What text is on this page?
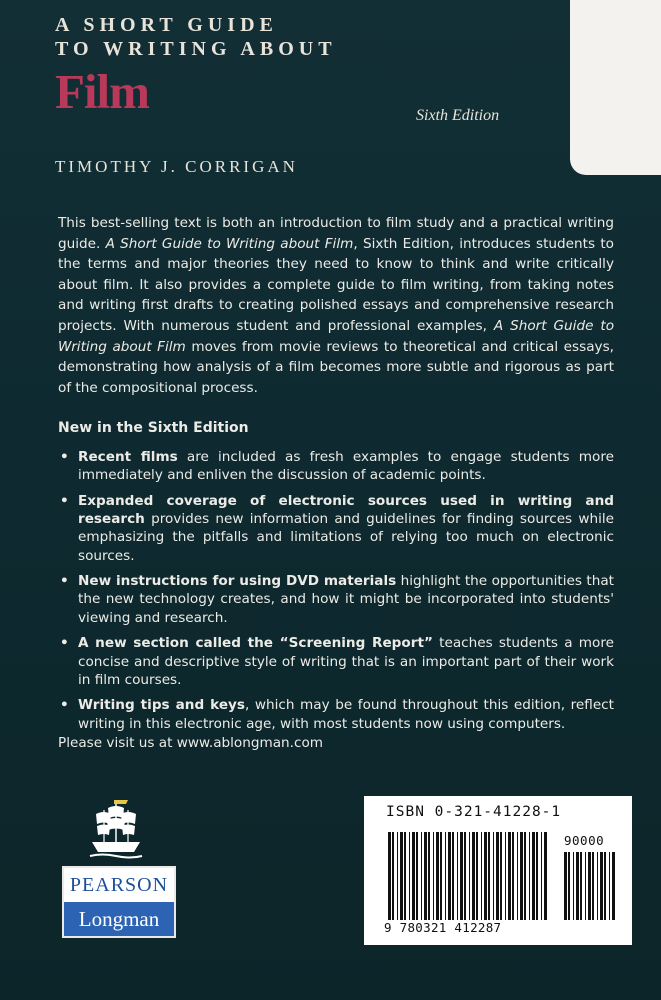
A SHORT GUIDE
TO WRITING ABOUT
Film	Sixth Edition
TIMOTHY J. CORRIGAN

This best-selling text is both an introduction to film study and a practical writing guide. A Short Guide to Writing about Film, Sixth Edition, introduces students to the terms and major theories they need to know to think and write critically about film. It also provides a complete guide to film writing, from taking notes and writing first drafts to creating polished essays and comprehensive research projects. With numerous student and professional examples, A Short Guide to Writing about Film moves from movie reviews to theoretical and critical essays, demonstrating how analysis of a film becomes more subtle and rigorous as part of the compositional process.

New in the Sixth Edition
• Recent films are included as fresh examples to engage students more immediately and enliven the discussion of academic points.
• Expanded coverage of electronic sources used in writing and research provides new information and guidelines for finding sources while emphasizing the pitfalls and limitations of relying too much on electronic sources.
• New instructions for using DVD materials highlight the opportunities that the new technology creates, and how it might be incorporated into students' viewing and research.
• A new section called the “Screening Report” teaches students a more concise and descriptive style of writing that is an important part of their work in film courses.
• Writing tips and keys, which may be found throughout this edition, reflect writing in this electronic age, with most students now using computers.
Please visit us at www.ablongman.com
PEARSON
Longman
ISBN 0-321-41228-1
90000
9 780321 412287
